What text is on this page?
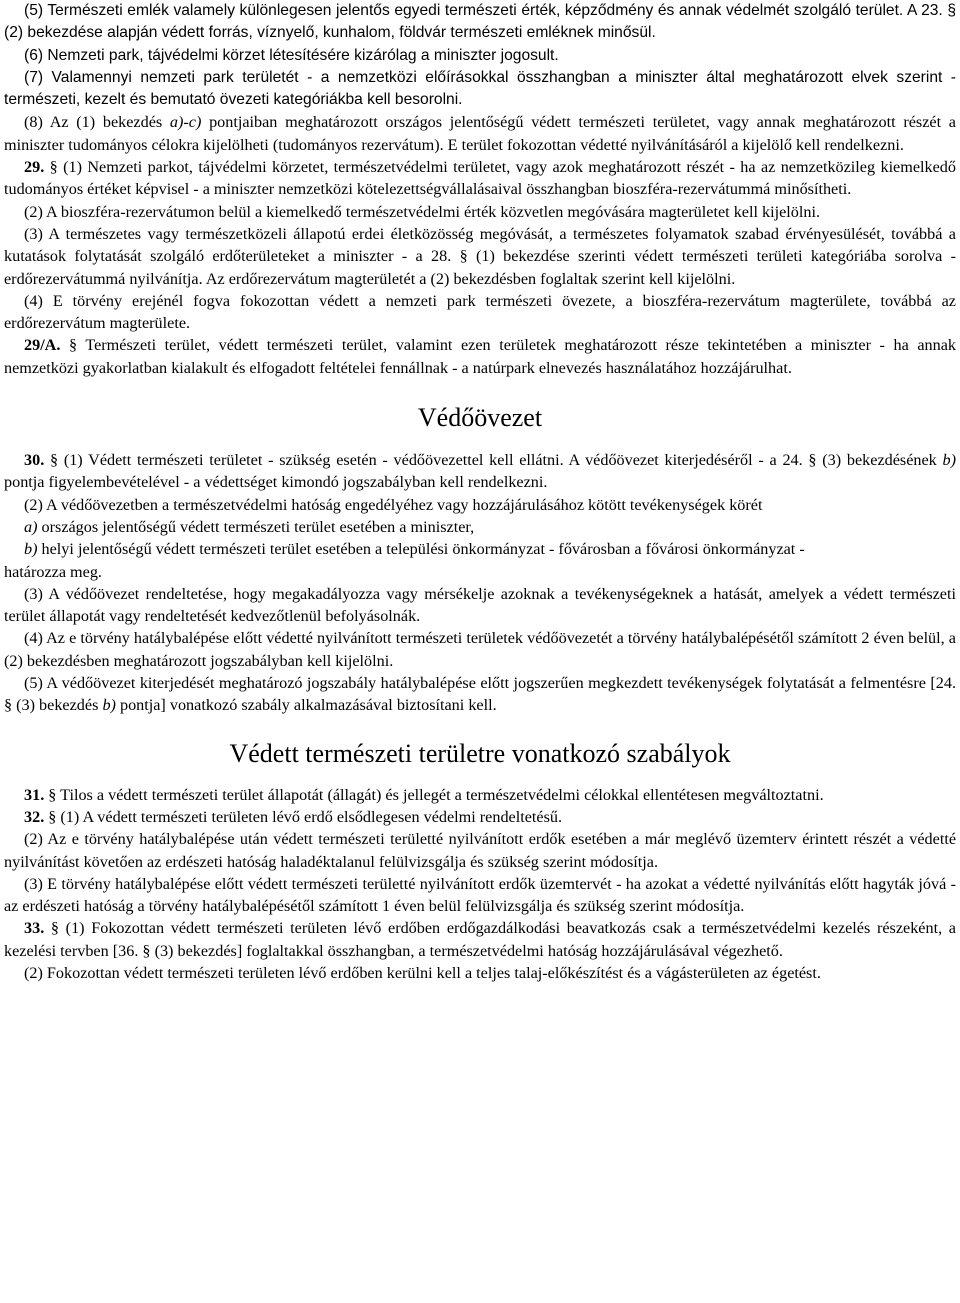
(5) Természeti emlék valamely különlegesen jelentős egyedi természeti érték, képződmény és annak védelmét szolgáló terület. A 23. § (2) bekezdése alapján védett forrás, víznyelő, kunhalom, földvár természeti emléknek minősül.

(6) Nemzeti park, tájvédelmi körzet létesítésére kizárólag a miniszter jogosult.

(7) Valamennyi nemzeti park területét - a nemzetközi előírásokkal összhangban a miniszter által meghatározott elvek szerint - természeti, kezelt és bemutató övezeti kategóriákba kell besorolni.

(8) Az (1) bekezdés a)-c) pontjaiban meghatározott országos jelentőségű védett természeti területet, vagy annak meghatározott részét a miniszter tudományos célokra kijelölheti (tudományos rezervátum). E terület fokozottan védetté nyilvánításáról a kijelölő kell rendelkezni.

29. § (1) Nemzeti parkot, tájvédelmi körzetet, természetvédelmi területet, vagy azok meghatározott részét - ha az nemzetközileg kiemelkedő tudományos értéket képvisel - a miniszter nemzetközi kötelezettségvállalásaival összhangban bioszféra-rezervátummá minősítheti.

(2) A bioszféra-rezervátumon belül a kiemelkedő természetvédelmi érték közvetlen megóvására magterületet kell kijelölni.

(3) A természetes vagy természetközeli állapotú erdei életközösség megóvását, a természetes folyamatok szabad érvényesülését, továbbá a kutatások folytatását szolgáló erdőterületeket a miniszter - a 28. § (1) bekezdése szerinti védett természeti területi kategóriába sorolva - erdőrezervátummá nyilvánítja. Az erdőrezervátum magterületét a (2) bekezdésben foglaltak szerint kell kijelölni.

(4) E törvény erejénél fogva fokozottan védett a nemzeti park természeti övezete, a bioszféra-rezervátum magterülete, továbbá az erdőrezervátum magterülete.

29/A. § Természeti terület, védett természeti terület, valamint ezen területek meghatározott része tekintetében a miniszter - ha annak nemzetközi gyakorlatban kialakult és elfogadott feltételei fennállnak - a natúrpark elnevezés használatához hozzájárulhat.

Védőövezet

30. § (1) Védett természeti területet - szükség esetén - védőövezettel kell ellátni. A védőövezet kiterjedéséről - a 24. § (3) bekezdésének b) pontja figyelembevételével - a védettséget kimondó jogszabályban kell rendelkezni.

(2) A védőövezetben a természetvédelmi hatóság engedélyéhez vagy hozzájárulásához kötött tevékenységek körét

a) országos jelentőségű védett természeti terület esetében a miniszter,

b) helyi jelentőségű védett természeti terület esetében a települési önkormányzat - fővárosban a fővárosi önkormányzat -

határozza meg.

(3) A védőövezet rendeltetése, hogy megakadályozza vagy mérsékelje azoknak a tevékenységeknek a hatását, amelyek a védett természeti terület állapotát vagy rendeltetését kedvezőtlenül befolyásolnák.

(4) Az e törvény hatálybalépése előtt védetté nyilvánított természeti területek védőövezetét a törvény hatálybalépésétől számított 2 éven belül, a (2) bekezdésben meghatározott jogszabályban kell kijelölni.

(5) A védőövezet kiterjedését meghatározó jogszabály hatálybalépése előtt jogszerűen megkezdett tevékenységek folytatását a felmentésre [24. § (3) bekezdés b) pontja] vonatkozó szabály alkalmazásával biztosítani kell.

Védett természeti területre vonatkozó szabályok

31. § Tilos a védett természeti terület állapotát (állagát) és jellegét a természetvédelmi célokkal ellentétesen megváltoztatni.

32. § (1) A védett természeti területen lévő erdő elsődlegesen védelmi rendeltetésű.

(2) Az e törvény hatálybalépése után védett természeti területté nyilvánított erdők esetében a már meglévő üzemterv érintett részét a védetté nyilvánítást követően az erdészeti hatóság haladéktalanul felülvizsgálja és szükség szerint módosítja.

(3) E törvény hatálybalépése előtt védett természeti területté nyilvánított erdők üzemtervét - ha azokat a védetté nyilvánítás előtt hagyták jóvá - az erdészeti hatóság a törvény hatálybalépésétől számított 1 éven belül felülvizsgálja és szükség szerint módosítja.

33. § (1) Fokozottan védett természeti területen lévő erdőben erdőgazdálkodási beavatkozás csak a természetvédelmi kezelés részeként, a kezelési tervben [36. § (3) bekezdés] foglaltakkal összhangban, a természetvédelmi hatóság hozzájárulásával végezhető.

(2) Fokozottan védett természeti területen lévő erdőben kerülni kell a teljes talaj-előkészítést és a vágásterületen az égetést.
